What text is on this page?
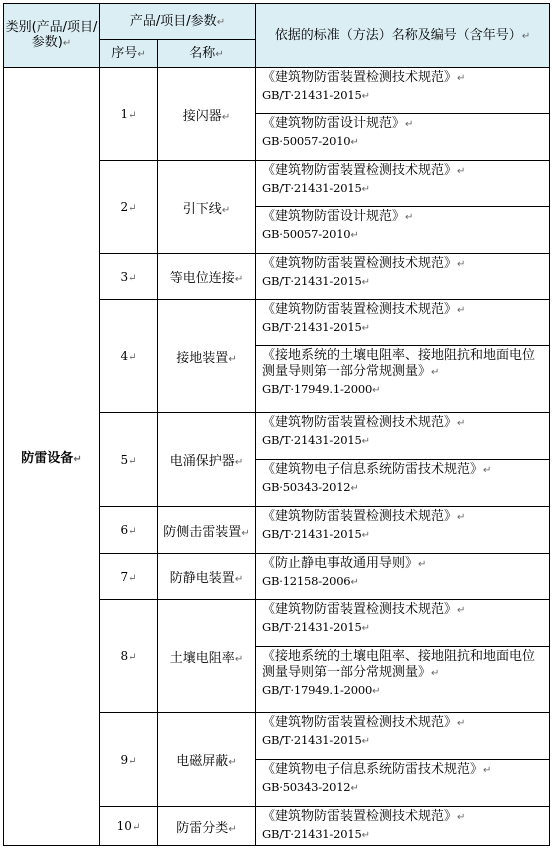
类别(产品/项目/参数)↵	产品/项目/参数↵		依据的标准（方法）名称及编号（含年号）↵
	序号↵	名称↵	
防雷设备↵	1↵	接闪器↵	《建筑物防雷装置检测技术规范》↵
GB/T·21431-2015↵
			《建筑物防雷设计规范》↵
GB·50057-2010↵
	2↵	引下线↵	《建筑物防雷装置检测技术规范》↵
GB/T·21431-2015↵
			《建筑物防雷设计规范》↵
GB·50057-2010↵
	3↵	等电位连接↵	《建筑物防雷装置检测技术规范》↵
GB/T·21431-2015↵
	4↵	接地装置↵	《建筑物防雷装置检测技术规范》↵
GB/T·21431-2015↵
			《接地系统的土壤电阻率、接地阻抗和地面电位测量导则第一部分常规测量》↵
GB/T·17949.1-2000↵
	5↵	电涌保护器↵	《建筑物防雷装置检测技术规范》↵
GB/T·21431-2015↵
			《建筑物电子信息系统防雷技术规范》↵
GB·50343-2012↵
	6↵	防侧击雷装置↵	《建筑物防雷装置检测技术规范》↵
GB/T·21431-2015↵
	7↵	防静电装置↵	《防止静电事故通用导则》↵
GB·12158-2006↵
	8↵	土壤电阻率↵	《建筑物防雷装置检测技术规范》↵
GB/T·21431-2015↵
			《接地系统的土壤电阻率、接地阻抗和地面电位测量导则第一部分常规测量》↵
GB/T·17949.1-2000↵
	9↵	电磁屏蔽↵	《建筑物防雷装置检测技术规范》↵
GB/T·21431-2015↵
			《建筑物电子信息系统防雷技术规范》↵
GB·50343-2012↵
	10↵	防雷分类↵	《建筑物防雷装置检测技术规范》↵
GB/T·21431-2015↵
